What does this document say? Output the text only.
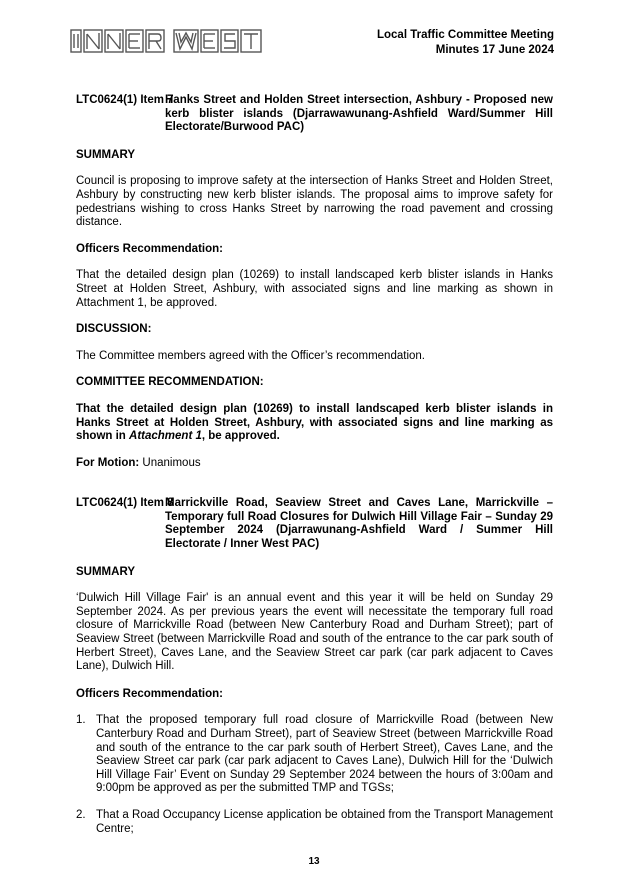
Local Traffic Committee Meeting
Minutes 17 June 2024
LTC0624(1) Item 7
Hanks Street and Holden Street intersection, Ashbury - Proposed new kerb blister islands (Djarrawawunang-Ashfield Ward/Summer Hill Electorate/Burwood PAC)
SUMMARY

Council is proposing to improve safety at the intersection of Hanks Street and Holden Street, Ashbury by constructing new kerb blister islands. The proposal aims to improve safety for pedestrians wishing to cross Hanks Street by narrowing the road pavement and crossing distance.

Officers Recommendation:

That the detailed design plan (10269) to install landscaped kerb blister islands in Hanks Street at Holden Street, Ashbury, with associated signs and line marking as shown in Attachment 1, be approved.

DISCUSSION:

The Committee members agreed with the Officer’s recommendation.

COMMITTEE RECOMMENDATION:

That the detailed design plan (10269) to install landscaped kerb blister islands in Hanks Street at Holden Street, Ashbury, with associated signs and line marking as shown in Attachment 1, be approved.

For Motion: Unanimous

LTC0624(1) Item 8
Marrickville Road, Seaview Street and Caves Lane, Marrickville – Temporary full Road Closures for Dulwich Hill Village Fair – Sunday 29 September 2024 (Djarrawunang-Ashfield Ward / Summer Hill Electorate / Inner West PAC)
SUMMARY

‘Dulwich Hill Village Fair' is an annual event and this year it will be held on Sunday 29 September 2024. As per previous years the event will necessitate the temporary full road closure of Marrickville Road (between New Canterbury Road and Durham Street); part of Seaview Street (between Marrickville Road and south of the entrance to the car park south of Herbert Street), Caves Lane, and the Seaview Street car park (car park adjacent to Caves Lane), Dulwich Hill.

Officers Recommendation:
1. That the proposed temporary full road closure of Marrickville Road (between New Canterbury Road and Durham Street), part of Seaview Street (between Marrickville Road and south of the entrance to the car park south of Herbert Street), Caves Lane, and the Seaview Street car park (car park adjacent to Caves Lane), Dulwich Hill for the ‘Dulwich Hill Village Fair’ Event on Sunday 29 September 2024 between the hours of 3:00am and 9:00pm be approved as per the submitted TMP and TGSs;
2. That a Road Occupancy License application be obtained from the Transport Management Centre;
13
